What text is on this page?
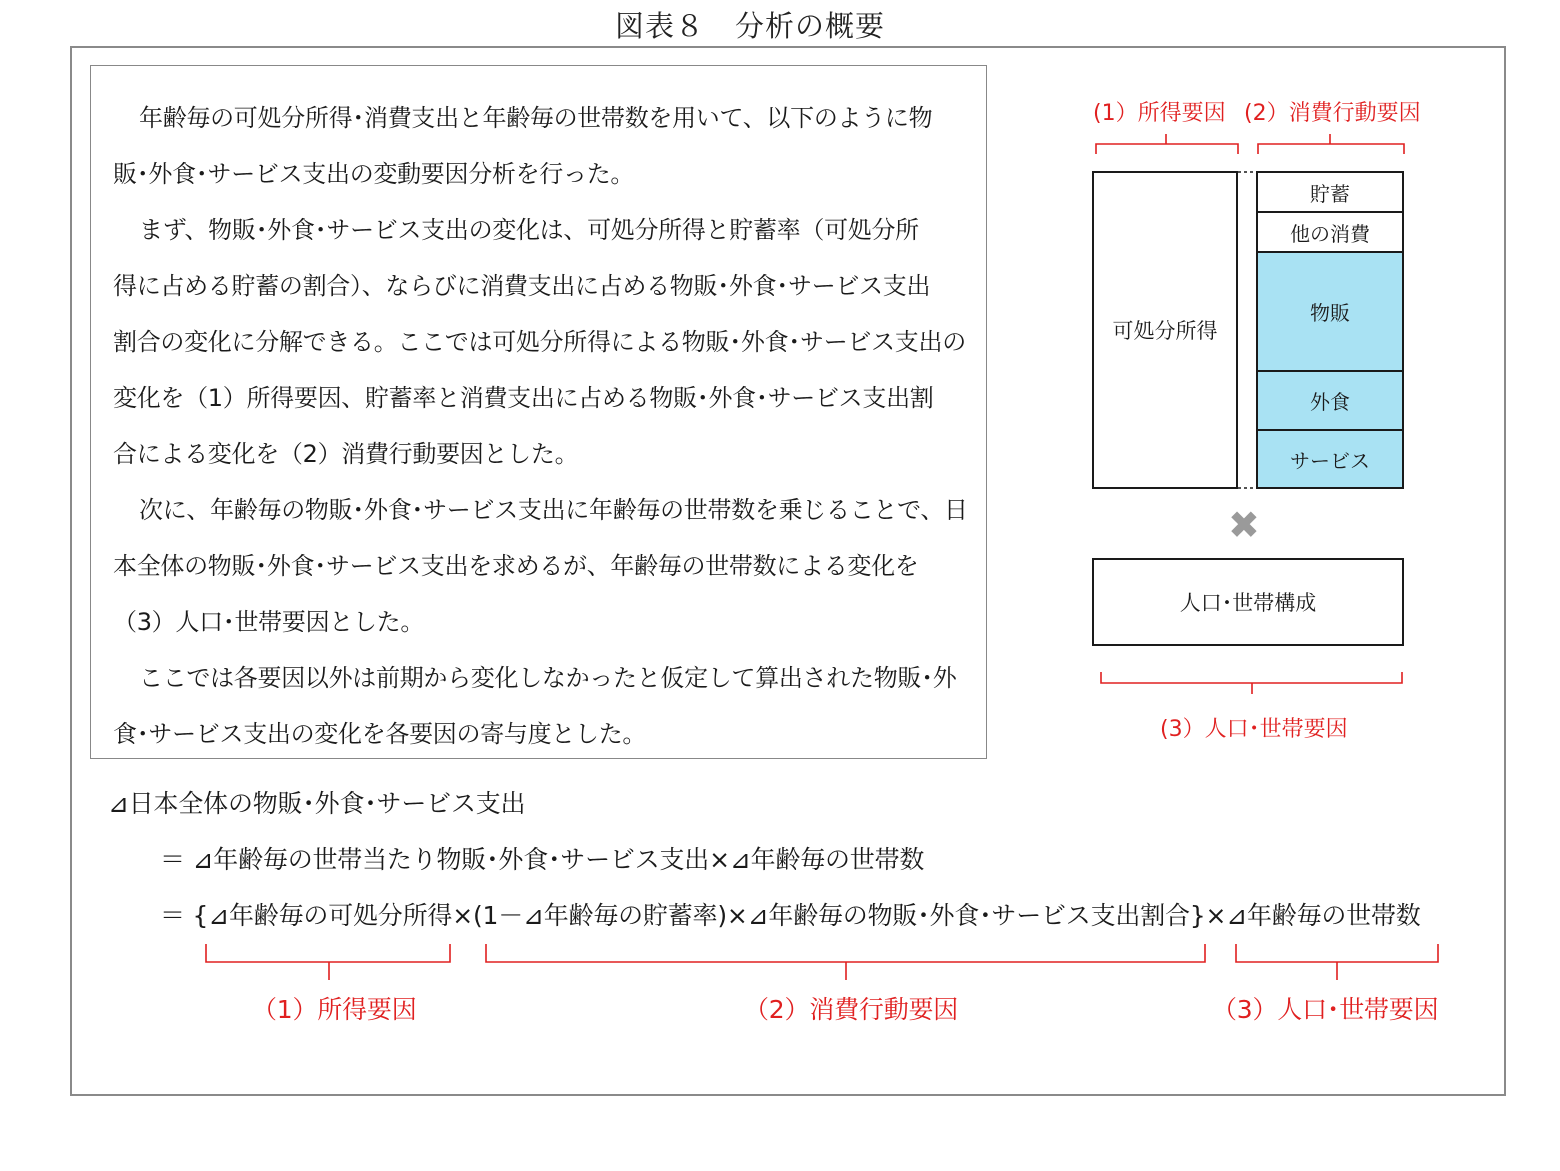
図表８　分析の概要

年齢毎の可処分所得･消費支出と年齢毎の世帯数を用いて、以下のように物
販･外食･サービス支出の変動要因分析を行った。

まず、物販･外食･サービス支出の変化は、可処分所得と貯蓄率（可処分所
得に占める貯蓄の割合）、ならびに消費支出に占める物販･外食･サービス支出
割合の変化に分解できる。ここでは可処分所得による物販･外食･サービス支出の
変化を（1）所得要因、貯蓄率と消費支出に占める物販･外食･サービス支出割
合による変化を（2）消費行動要因とした。

次に、年齢毎の物販･外食･サービス支出に年齢毎の世帯数を乗じることで、日
本全体の物販･外食･サービス支出を求めるが、年齢毎の世帯数による変化を
（3）人口･世帯要因とした。

ここでは各要因以外は前期から変化しなかったと仮定して算出された物販･外
食･サービス支出の変化を各要因の寄与度とした。

(1）所得要因 (2）消費行動要因
可処分所得
貯蓄
他の消費
物販
外食
サービス
✖
人口･世帯構成
(3）人口･世帯要因
⊿日本全体の物販･外食･サービス支出
＝ ⊿年齢毎の世帯当たり物販･外食･サービス支出×⊿年齢毎の世帯数
＝ {⊿年齢毎の可処分所得×(1－⊿年齢毎の貯蓄率)×⊿年齢毎の物販･外食･サービス支出割合}×⊿年齢毎の世帯数
（1）所得要因	（2）消費行動要因	（3）人口･世帯要因
